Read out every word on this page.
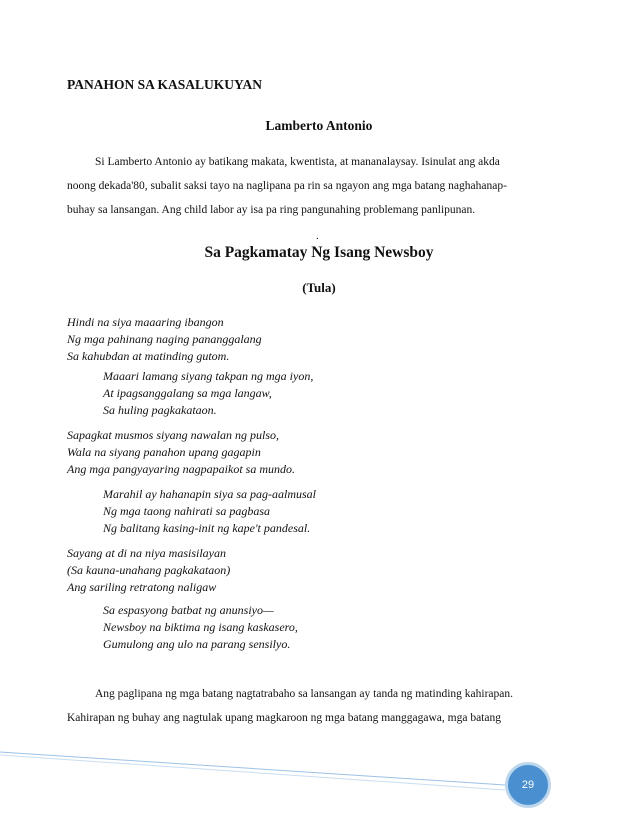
PANAHON SA KASALUKUYAN
Lamberto Antonio
Si Lamberto Antonio ay batikang makata, kwentista, at mananalaysay. Isinulat ang akda
noong dekada'80, subalit saksi tayo na naglipana pa rin sa ngayon ang mga batang naghahanap-
buhay sa lansangan. Ang child labor ay isa pa ring pangunahing problemang panlipunan.
.
Sa Pagkamatay Ng Isang Newsboy
(Tula)
Hindi na siya maaaring ibangon
Ng mga pahinang naging pananggalang
Sa kahubdan at matinding gutom.
Maaari lamang siyang takpan ng mga iyon,
At ipagsanggalang sa mga langaw,
Sa huling pagkakataon.
Sapagkat musmos siyang nawalan ng pulso,
Wala na siyang panahon upang gagapin
Ang mga pangyayaring nagpapaikot sa mundo.
Marahil ay hahanapin siya sa pag-aalmusal
Ng mga taong nahirati sa pagbasa
Ng balitang kasing-init ng kape't pandesal.
Sayang at di na niya masisilayan
(Sa kauna-unahang pagkakataon)
Ang sariling retratong naligaw
Sa espasyong batbat ng anunsiyo—
Newsboy na biktima ng isang kaskasero,
Gumulong ang ulo na parang sensilyo.
Ang paglipana ng mga batang nagtatrabaho sa lansangan ay tanda ng matinding kahirapan.
Kahirapan ng buhay ang nagtulak upang magkaroon ng mga batang manggagawa, mga batang
29
